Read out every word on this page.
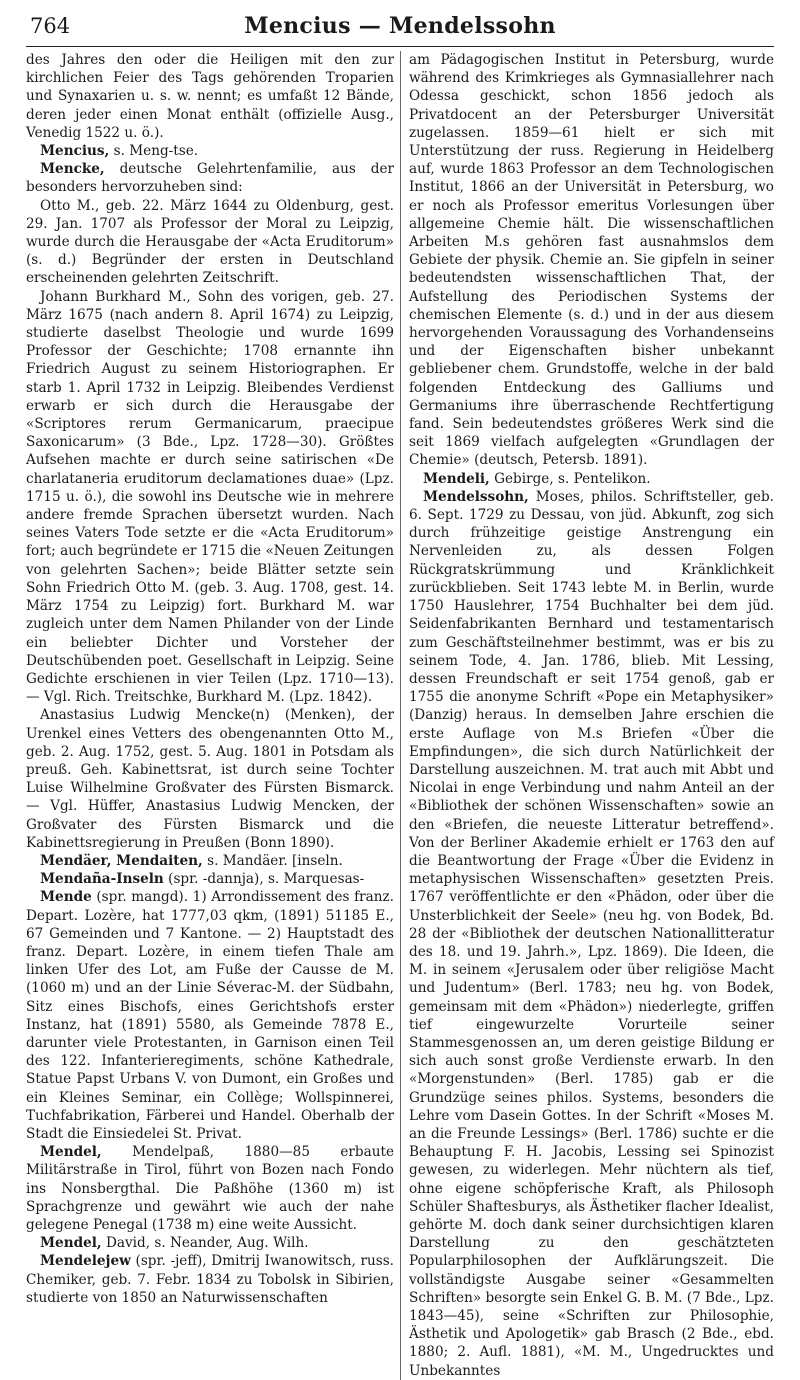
764	Mencius — Mendelssohn

des Jahres den oder die Heiligen mit den zur kirchlichen Feier des Tags gehörenden Troparien und Synaxarien u. s. w. nennt; es umfaßt 12 Bände, deren jeder einen Monat enthält (offizielle Ausg., Venedig 1522 u. ö.).

Mencius, s. Meng-tse.

Mencke, deutsche Gelehrtenfamilie, aus der besonders hervorzuheben sind:

Otto M., geb. 22. März 1644 zu Oldenburg, gest. 29. Jan. 1707 als Professor der Moral zu Leipzig, wurde durch die Herausgabe der «Acta Eruditorum» (s. d.) Begründer der ersten in Deutschland erscheinenden gelehrten Zeitschrift.

Johann Burkhard M., Sohn des vorigen, geb. 27. März 1675 (nach andern 8. April 1674) zu Leipzig, studierte daselbst Theologie und wurde 1699 Professor der Geschichte; 1708 ernannte ihn Friedrich August zu seinem Historiographen. Er starb 1. April 1732 in Leipzig. Bleibendes Verdienst erwarb er sich durch die Herausgabe der «Scriptores rerum Germanicarum, praecipue Saxonicarum» (3 Bde., Lpz. 1728—30). Größtes Aufsehen machte er durch seine satirischen «De charlataneria eruditorum declamationes duae» (Lpz. 1715 u. ö.), die sowohl ins Deutsche wie in mehrere andere fremde Sprachen übersetzt wurden. Nach seines Vaters Tode setzte er die «Acta Eruditorum» fort; auch begründete er 1715 die «Neuen Zeitungen von gelehrten Sachen»; beide Blätter setzte sein Sohn Friedrich Otto M. (geb. 3. Aug. 1708, gest. 14. März 1754 zu Leipzig) fort. Burkhard M. war zugleich unter dem Namen Philander von der Linde ein beliebter Dichter und Vorsteher der Deutschübenden poet. Gesellschaft in Leipzig. Seine Gedichte erschienen in vier Teilen (Lpz. 1710—13). — Vgl. Rich. Treitschke, Burkhard M. (Lpz. 1842).

Anastasius Ludwig Mencke(n) (Menken), der Urenkel eines Vetters des obengenannten Otto M., geb. 2. Aug. 1752, gest. 5. Aug. 1801 in Potsdam als preuß. Geh. Kabinettsrat, ist durch seine Tochter Luise Wilhelmine Großvater des Fürsten Bismarck. — Vgl. Hüffer, Anastasius Ludwig Mencken, der Großvater des Fürsten Bismarck und die Kabinettsregierung in Preußen (Bonn 1890).

Mendäer, Mendaiten, s. Mandäer. [inseln.

Mendaña-Inseln (spr. -dannja), s. Marquesas-

Mende (spr. mangd). 1) Arrondissement des franz. Depart. Lozère, hat 1777,03 qkm, (1891) 51185 E., 67 Gemeinden und 7 Kantone. — 2) Hauptstadt des franz. Depart. Lozère, in einem tiefen Thale am linken Ufer des Lot, am Fuße der Causse de M. (1060 m) und an der Linie Séverac-M. der Südbahn, Sitz eines Bischofs, eines Gerichtshofs erster Instanz, hat (1891) 5580, als Gemeinde 7878 E., darunter viele Protestanten, in Garnison einen Teil des 122. Infanterieregiments, schöne Kathedrale, Statue Papst Urbans V. von Dumont, ein Großes und ein Kleines Seminar, ein Collège; Wollspinnerei, Tuchfabrikation, Färberei und Handel. Oberhalb der Stadt die Einsiedelei St. Privat.

Mendel, Mendelpaß, 1880—85 erbaute Militärstraße in Tirol, führt von Bozen nach Fondo ins Nonsbergthal. Die Paßhöhe (1360 m) ist Sprachgrenze und gewährt wie auch der nahe gelegene Penegal (1738 m) eine weite Aussicht.

Mendel, David, s. Neander, Aug. Wilh.

Mendelejew (spr. -jeff), Dmitrij Iwanowitsch, russ. Chemiker, geb. 7. Febr. 1834 zu Tobolsk in Sibirien, studierte von 1850 an Naturwissenschaften

am Pädagogischen Institut in Petersburg, wurde während des Krimkrieges als Gymnasiallehrer nach Odessa geschickt, schon 1856 jedoch als Privatdocent an der Petersburger Universität zugelassen. 1859—61 hielt er sich mit Unterstützung der russ. Regierung in Heidelberg auf, wurde 1863 Professor an dem Technologischen Institut, 1866 an der Universität in Petersburg, wo er noch als Professor emeritus Vorlesungen über allgemeine Chemie hält. Die wissenschaftlichen Arbeiten M.s gehören fast ausnahmslos dem Gebiete der physik. Chemie an. Sie gipfeln in seiner bedeutendsten wissenschaftlichen That, der Aufstellung des Periodischen Systems der chemischen Elemente (s. d.) und in der aus diesem hervorgehenden Voraussagung des Vorhandenseins und der Eigenschaften bisher unbekannt gebliebener chem. Grundstoffe, welche in der bald folgenden Entdeckung des Galliums und Germaniums ihre überraschende Rechtfertigung fand. Sein bedeutendstes größeres Werk sind die seit 1869 vielfach aufgelegten «Grundlagen der Chemie» (deutsch, Petersb. 1891).

Mendeli, Gebirge, s. Pentelikon.

Mendelssohn, Moses, philos. Schriftsteller, geb. 6. Sept. 1729 zu Dessau, von jüd. Abkunft, zog sich durch frühzeitige geistige Anstrengung ein Nervenleiden zu, als dessen Folgen Rückgratskrümmung und Kränklichkeit zurückblieben. Seit 1743 lebte M. in Berlin, wurde 1750 Hauslehrer, 1754 Buchhalter bei dem jüd. Seidenfabrikanten Bernhard und testamentarisch zum Geschäftsteilnehmer bestimmt, was er bis zu seinem Tode, 4. Jan. 1786, blieb. Mit Lessing, dessen Freundschaft er seit 1754 genoß, gab er 1755 die anonyme Schrift «Pope ein Metaphysiker» (Danzig) heraus. In demselben Jahre erschien die erste Auflage von M.s Briefen «Über die Empfindungen», die sich durch Natürlichkeit der Darstellung auszeichnen. M. trat auch mit Abbt und Nicolai in enge Verbindung und nahm Anteil an der «Bibliothek der schönen Wissenschaften» sowie an den «Briefen, die neueste Litteratur betreffend». Von der Berliner Akademie erhielt er 1763 den auf die Beantwortung der Frage «Über die Evidenz in metaphysischen Wissenschaften» gesetzten Preis. 1767 veröffentlichte er den «Phädon, oder über die Unsterblichkeit der Seele» (neu hg. von Bodek, Bd. 28 der «Bibliothek der deutschen Nationallitteratur des 18. und 19. Jahrh.», Lpz. 1869). Die Ideen, die M. in seinem «Jerusalem oder über religiöse Macht und Judentum» (Berl. 1783; neu hg. von Bodek, gemeinsam mit dem «Phädon») niederlegte, griffen tief eingewurzelte Vorurteile seiner Stammesgenossen an, um deren geistige Bildung er sich auch sonst große Verdienste erwarb. In den «Morgenstunden» (Berl. 1785) gab er die Grundzüge seines philos. Systems, besonders die Lehre vom Dasein Gottes. In der Schrift «Moses M. an die Freunde Lessings» (Berl. 1786) suchte er die Behauptung F. H. Jacobis, Lessing sei Spinozist gewesen, zu widerlegen. Mehr nüchtern als tief, ohne eigene schöpferische Kraft, als Philosoph Schüler Shaftesburys, als Ästhetiker flacher Idealist, gehörte M. doch dank seiner durchsichtigen klaren Darstellung zu den geschätzteten Popularphilosophen der Aufklärungszeit. Die vollständigste Ausgabe seiner «Gesammelten Schriften» besorgte sein Enkel G. B. M. (7 Bde., Lpz. 1843—45), seine «Schriften zur Philosophie, Ästhetik und Apologetik» gab Brasch (2 Bde., ebd. 1880; 2. Aufl. 1881), «M. M., Ungedrucktes und Unbekanntes
